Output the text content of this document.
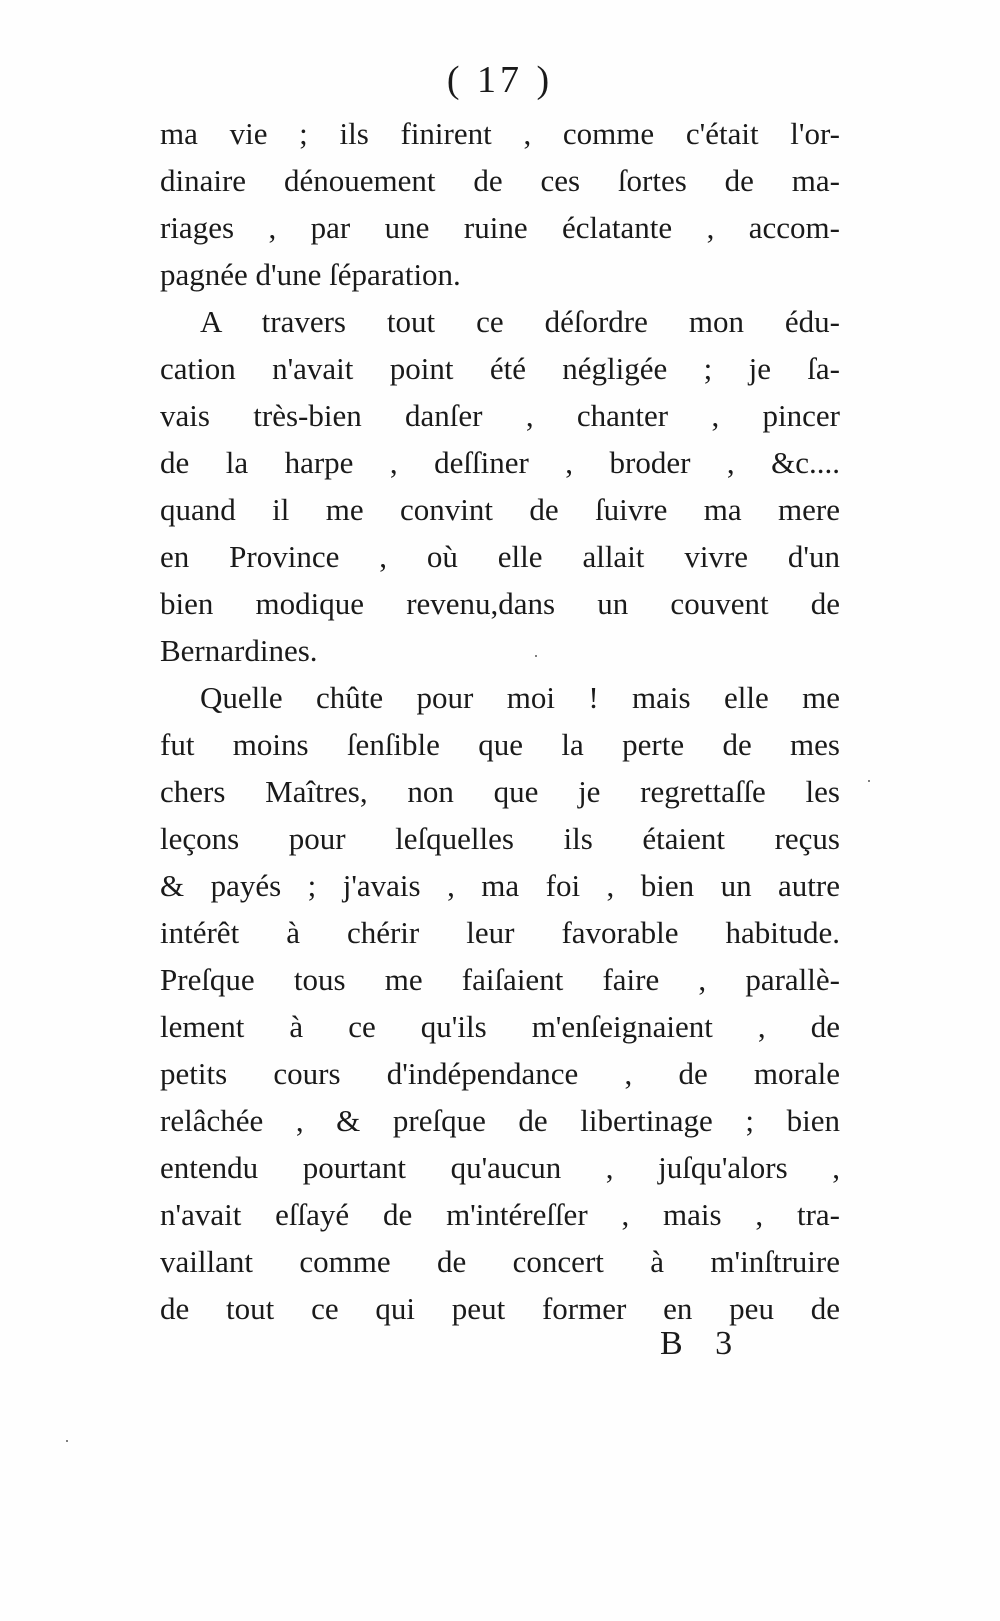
( 17 )
ma vie ; ils finirent , comme c'était l'or-
dinaire dénouement de ces ſortes de ma-
riages , par une ruine éclatante , accom-
pagnée d'une ſéparation.
A travers tout ce déſordre mon édu-
cation n'avait point été négligée ; je ſa-
vais très-bien danſer , chanter , pincer
de la harpe , deſſiner , broder , &c....
quand il me convint de ſuivre ma mere
en Province , où elle allait vivre d'un
bien modique revenu,dans un couvent de
Bernardines.
Quelle chûte pour moi ! mais elle me
fut moins ſenſible que la perte de mes
chers Maîtres, non que je regrettaſſe les
leçons pour leſquelles ils étaient reçus
& payés ; j'avais , ma foi , bien un autre
intérêt à chérir leur favorable habitude.
Preſque tous me faiſaient faire , parallè-
lement à ce qu'ils m'enſeignaient , de
petits cours d'indépendance , de morale
relâchée , & preſque de libertinage ; bien
entendu pourtant qu'aucun , juſqu'alors ,
n'avait eſſayé de m'intéreſſer , mais , tra-
vaillant comme de concert à m'inſtruire
de tout ce qui peut former en peu de
B 3
